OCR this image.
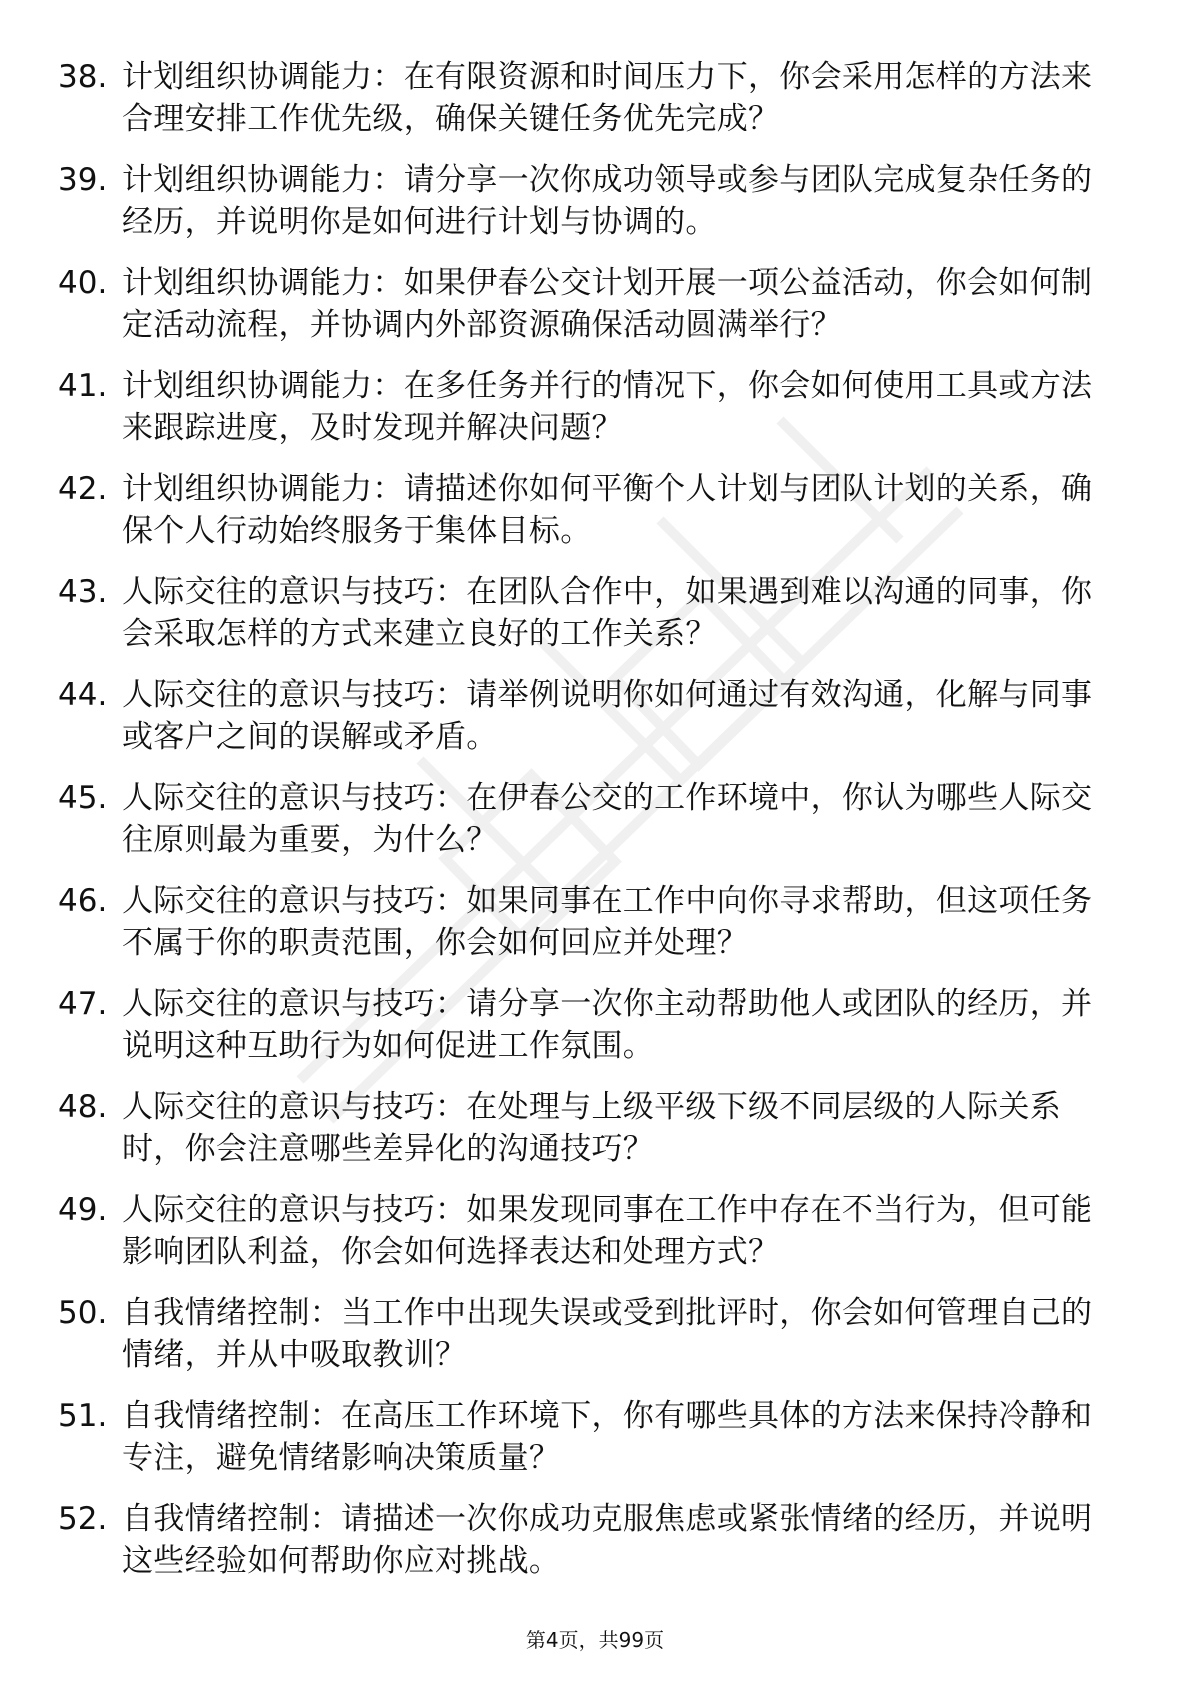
38. 计划组织协调能力：在有限资源和时间压力下，你会采用怎样的方法来合理安排工作优先级，确保关键任务优先完成？
39. 计划组织协调能力：请分享一次你成功领导或参与团队完成复杂任务的经历，并说明你是如何进行计划与协调的。
40. 计划组织协调能力：如果伊春公交计划开展一项公益活动，你会如何制定活动流程，并协调内外部资源确保活动圆满举行？
41. 计划组织协调能力：在多任务并行的情况下，你会如何使用工具或方法来跟踪进度，及时发现并解决问题？
42. 计划组织协调能力：请描述你如何平衡个人计划与团队计划的关系，确保个人行动始终服务于集体目标。
43. 人际交往的意识与技巧：在团队合作中，如果遇到难以沟通的同事，你会采取怎样的方式来建立良好的工作关系？
44. 人际交往的意识与技巧：请举例说明你如何通过有效沟通，化解与同事或客户之间的误解或矛盾。
45. 人际交往的意识与技巧：在伊春公交的工作环境中，你认为哪些人际交往原则最为重要，为什么？
46. 人际交往的意识与技巧：如果同事在工作中向你寻求帮助，但这项任务不属于你的职责范围，你会如何回应并处理？
47. 人际交往的意识与技巧：请分享一次你主动帮助他人或团队的经历，并说明这种互助行为如何促进工作氛围。
48. 人际交往的意识与技巧：在处理与上级平级下级不同层级的人际关系时，你会注意哪些差异化的沟通技巧？
49. 人际交往的意识与技巧：如果发现同事在工作中存在不当行为，但可能影响团队利益，你会如何选择表达和处理方式？
50. 自我情绪控制：当工作中出现失误或受到批评时，你会如何管理自己的情绪，并从中吸取教训？
51. 自我情绪控制：在高压工作环境下，你有哪些具体的方法来保持冷静和专注，避免情绪影响决策质量？
52. 自我情绪控制：请描述一次你成功克服焦虑或紧张情绪的经历，并说明这些经验如何帮助你应对挑战。
第4页，共99页
